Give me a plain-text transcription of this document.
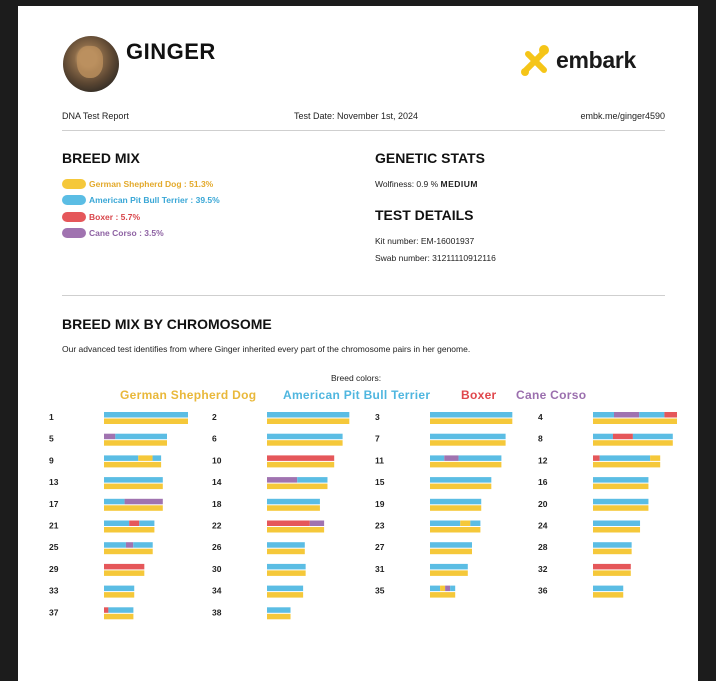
GINGER	embark
DNA Test Report	Test Date: November 1st, 2024	embk.me/ginger4590
BREED MIX
German Shepherd Dog : 51.3%
American Pit Bull Terrier : 39.5%
Boxer : 5.7%
Cane Corso : 3.5%
GENETIC STATS
Wolfiness: 0.9 % MEDIUM
TEST DETAILS
Kit number: EM-16001937
Swab number: 31211110912116
BREED MIX BY CHROMOSOME
Our advanced test identifies from where Ginger inherited every part of the chromosome pairs in her genome.
Breed colors:
German Shepherd Dog American Pit Bull Terrier	Boxer Cane Corso
1	2	3	4
5	6	7	8
9	10	11	12
13	14	15	16
17	18	19	20
21	22	23	24
25	26	27	28
29	30	31	32
33	34	35	36
37	38
